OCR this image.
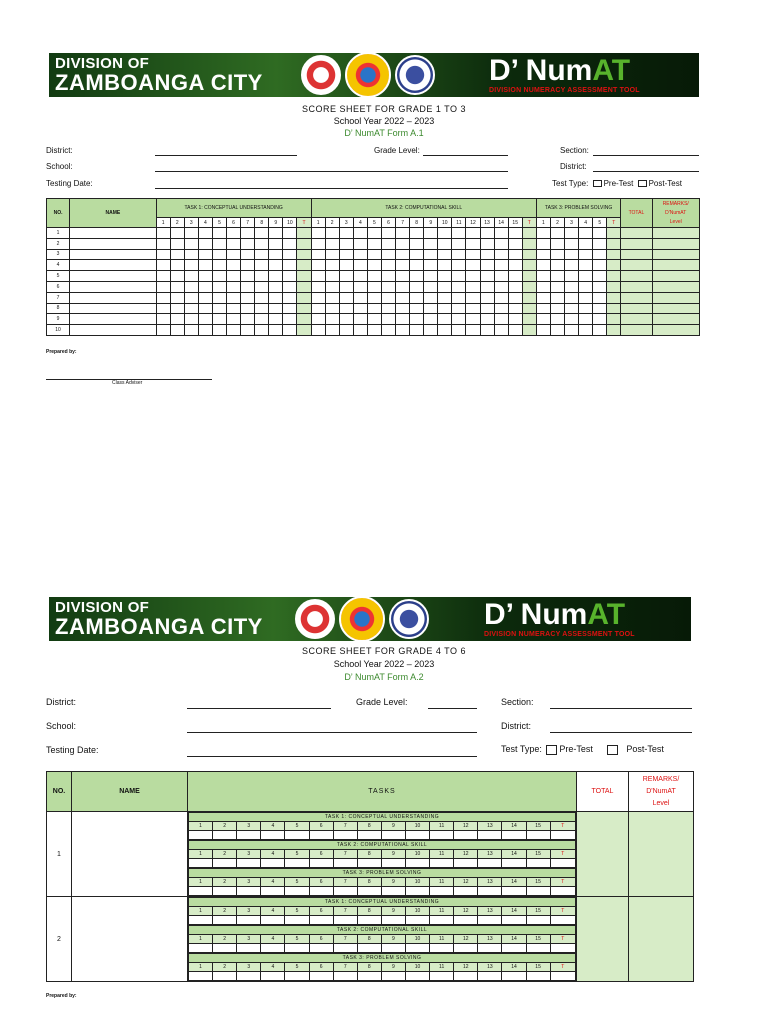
DIVISION OF
ZAMBOANGA CITY	D’ NumAT
DIVISION NUMERACY ASSESSMENT TOOL
SCORE SHEET FOR GRADE 1 TO 3
School Year 2022 – 2023
D’ NumAT Form A.1
District:	Grade Level:	Section:
School:	District:
Testing Date:	Test Type: Pre-Test Post-Test
NO.	NAME	TASK 1: CONCEPTUAL UNDERSTANDING											TASK 2: COMPUTATIONAL SKILL																TASK 3: PROBLEM SOLVING						TOTAL	REMARKS/
D'NumAT
Level

		1	2	3	4	5	6	7	8	9	10	T	1	2	3	4	5	6	7	8	9	10	11	12	13	14	15	T	1	2	3	4	5	T		
1																																				
2																																				
3																																				
4																																				
5																																				
6																																				
7																																				
8																																				
9																																				
10																																				
Prepared by:
Class Adviser
DIVISION OF
ZAMBOANGA CITY	D’ NumAT
DIVISION NUMERACY ASSESSMENT TOOL
SCORE SHEET FOR GRADE 4 TO 6
School Year 2022 – 2023
D’ NumAT Form A.2
District:	Grade Level:	Section:
School:	District:
Testing Date:	Test Type: Pre-Test	Post-Test
NO.	NAME	TASKS	TOTAL	
REMARKS/
D'NumAT
Level

1		
TASK 1: CONCEPTUAL UNDERSTANDING
1	2	3	4	5	6	7	8	9	10	11	12	13	14	15	T

TASK 2: COMPUTATIONAL SKILL
1	2	3	4	5	6	7	8	9	10	11	12	13	14	15	T

TASK 3: PROBLEM SOLVING
1	2	3	4	5	6	7	8	9	10	11	12	13	14	15	T

2		
TASK 1: CONCEPTUAL UNDERSTANDING
1	2	3	4	5	6	7	8	9	10	11	12	13	14	15	T

TASK 2: COMPUTATIONAL SKILL
1	2	3	4	5	6	7	8	9	10	11	12	13	14	15	T

TASK 3: PROBLEM SOLVING
1	2	3	4	5	6	7	8	9	10	11	12	13	14	15	T

Prepared by:
